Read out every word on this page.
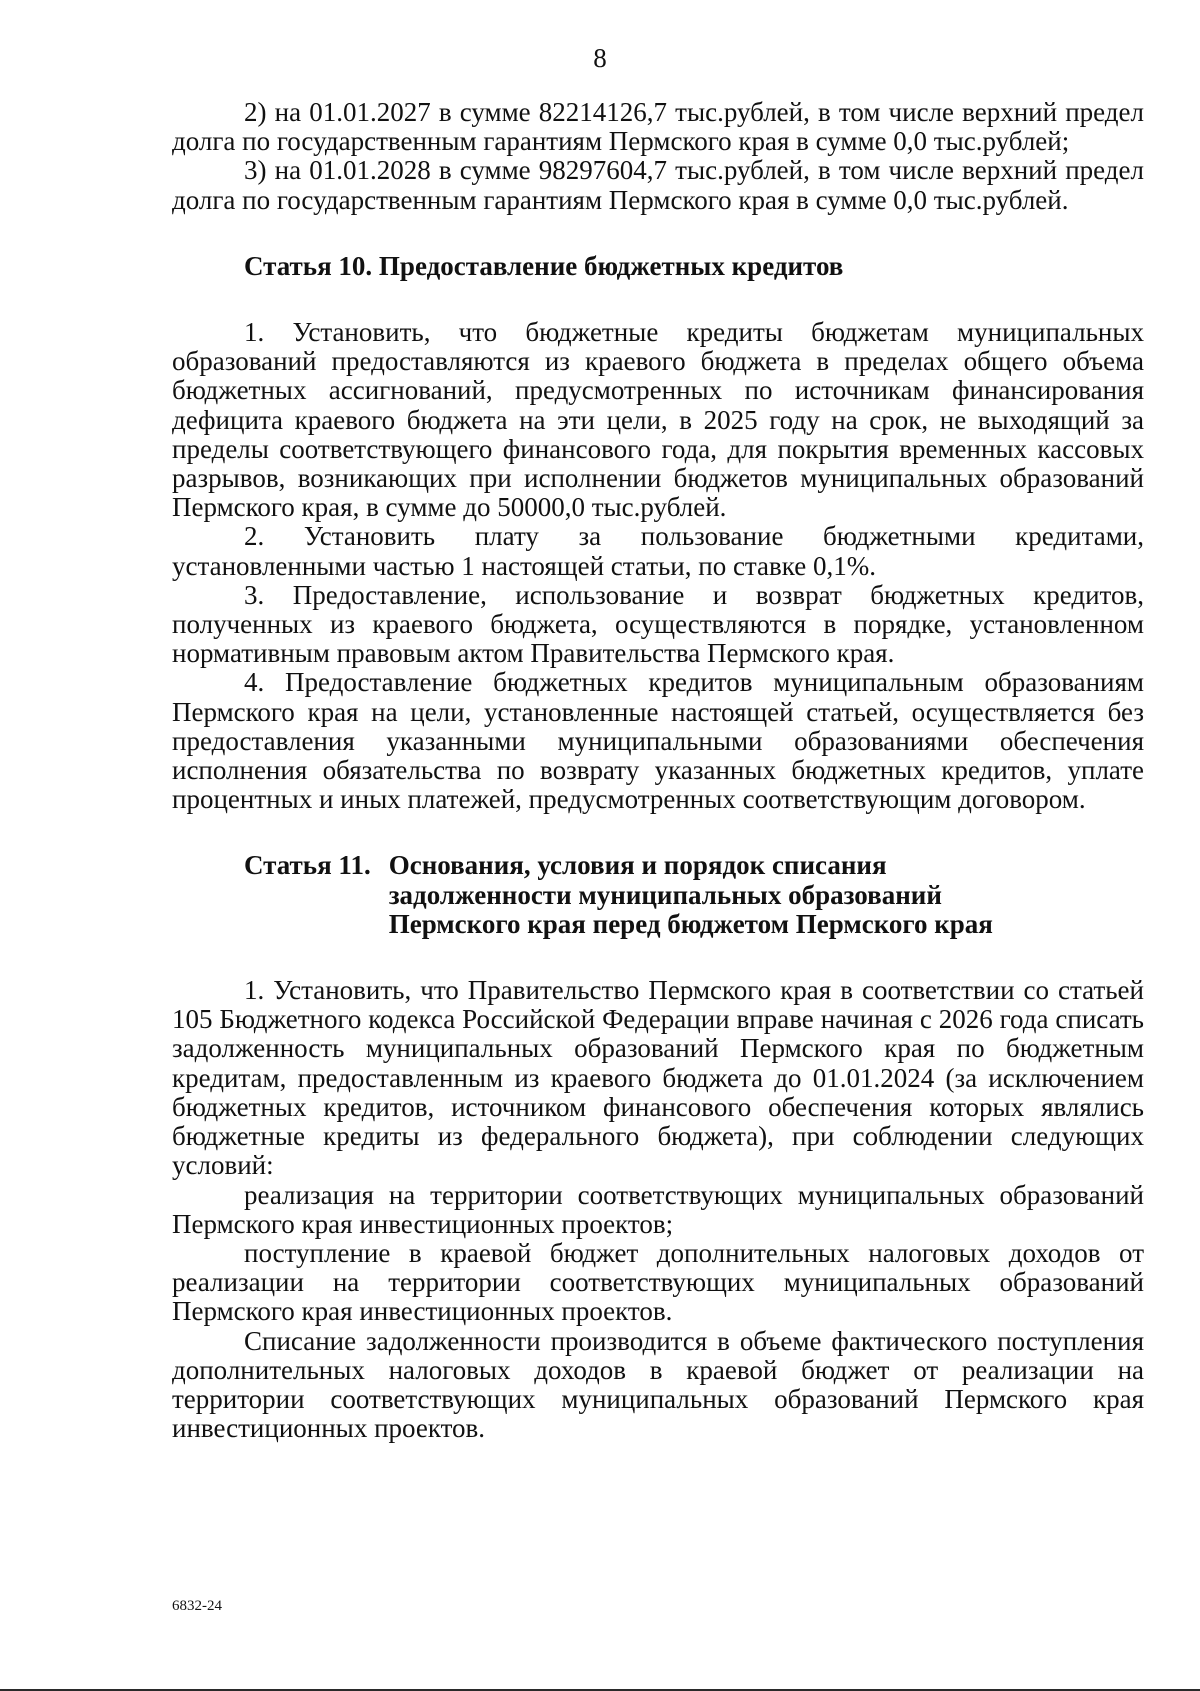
8

2) на 01.01.2027 в сумме 82214126,7 тыс.рублей, в том числе верхний предел долга по государственным гарантиям Пермского края в сумме 0,0 тыс.рублей;

3) на 01.01.2028 в сумме 98297604,7 тыс.рублей, в том числе верхний предел долга по государственным гарантиям Пермского края в сумме 0,0 тыс.рублей.

Статья 10. Предоставление бюджетных кредитов

1. Установить, что бюджетные кредиты бюджетам муниципальных образований предоставляются из краевого бюджета в пределах общего объема бюджетных ассигнований, предусмотренных по источникам финансирования дефицита краевого бюджета на эти цели, в 2025 году на срок, не выходящий за пределы соответствующего финансового года, для покрытия временных кассовых разрывов, возникающих при исполнении бюджетов муниципальных образований Пермского края, в сумме до 50000,0 тыс.рублей.

2. Установить плату за пользование бюджетными кредитами, установленными частью 1 настоящей статьи, по ставке 0,1%.

3. Предоставление, использование и возврат бюджетных кредитов, полученных из краевого бюджета, осуществляются в порядке, установленном нормативным правовым актом Правительства Пермского края.

4. Предоставление бюджетных кредитов муниципальным образованиям Пермского края на цели, установленные настоящей статьей, осуществляется без предоставления указанными муниципальными образованиями обеспечения исполнения обязательства по возврату указанных бюджетных кредитов, уплате процентных и иных платежей, предусмотренных соответствующим договором.

Статья 11. Основания, условия и порядок списания
задолженности муниципальных образований
Пермского края перед бюджетом Пермского края

1. Установить, что Правительство Пермского края в соответствии со статьей 105 Бюджетного кодекса Российской Федерации вправе начиная с 2026 года списать задолженность муниципальных образований Пермского края по бюджетным кредитам, предоставленным из краевого бюджета до 01.01.2024 (за исключением бюджетных кредитов, источником финансового обеспечения которых являлись бюджетные кредиты из федерального бюджета), при соблюдении следующих условий:

реализация на территории соответствующих муниципальных образований Пермского края инвестиционных проектов;

поступление в краевой бюджет дополнительных налоговых доходов от реализации на территории соответствующих муниципальных образований Пермского края инвестиционных проектов.

Списание задолженности производится в объеме фактического поступления дополнительных налоговых доходов в краевой бюджет от реализации на территории соответствующих муниципальных образований Пермского края инвестиционных проектов.

6832-24
